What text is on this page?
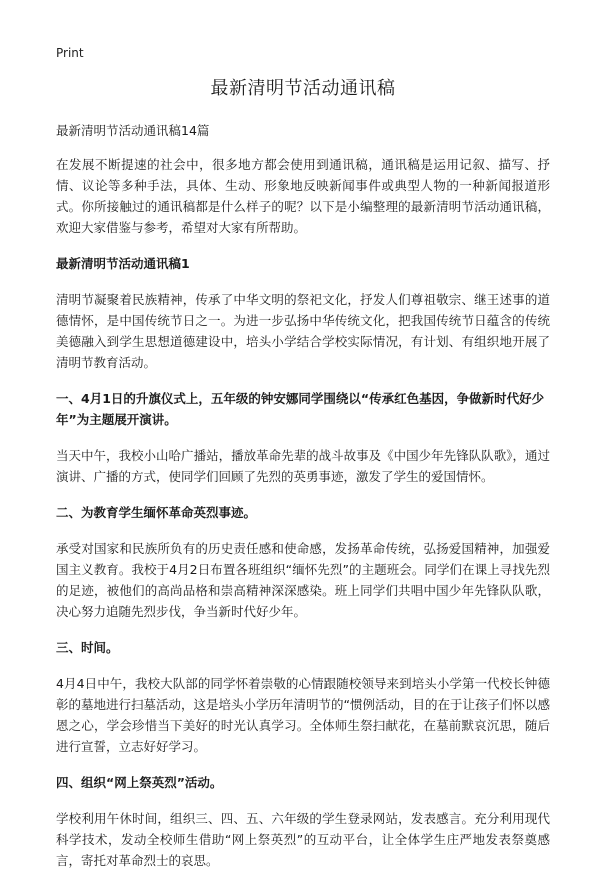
Print
最新清明节活动通讯稿
最新清明节活动通讯稿14篇

在发展不断提速的社会中，很多地方都会使用到通讯稿，通讯稿是运用记叙、描写、抒情、议论等多种手法，具体、生动、形象地反映新闻事件或典型人物的一种新闻报道形式。你所接触过的通讯稿都是什么样子的呢？以下是小编整理的最新清明节活动通讯稿，欢迎大家借鉴与参考，希望对大家有所帮助。

最新清明节活动通讯稿1

清明节凝聚着民族精神，传承了中华文明的祭祀文化，抒发人们尊祖敬宗、继王述事的道德情怀，是中国传统节日之一。为进一步弘扬中华传统文化，把我国传统节日蕴含的传统美德融入到学生思想道德建设中，培头小学结合学校实际情况，有计划、有组织地开展了清明节教育活动。

一、4月1日的升旗仪式上，五年级的钟安娜同学围绕以“传承红色基因，争做新时代好少年”为主题展开演讲。

当天中午，我校小山哈广播站，播放革命先辈的战斗故事及《中国少年先锋队队歌》，通过演讲、广播的方式，使同学们回顾了先烈的英勇事迹，激发了学生的爱国情怀。

二、为教育学生缅怀革命英烈事迹。

承受对国家和民族所负有的历史责任感和使命感，发扬革命传统，弘扬爱国精神，加强爱国主义教育。我校于4月2日布置各班组织“缅怀先烈”的主题班会。同学们在课上寻找先烈的足迹，被他们的高尚品格和崇高精神深深感染。班上同学们共唱中国少年先锋队队歌，决心努力追随先烈步伐，争当新时代好少年。

三、时间。

4月4日中午，我校大队部的同学怀着崇敬的心情跟随校领导来到培头小学第一代校长钟德彰的墓地进行扫墓活动，这是培头小学历年清明节的“惯例活动，目的在于让孩子们怀以感恩之心，学会珍惜当下美好的时光认真学习。全体师生祭扫献花，在墓前默哀沉思，随后进行宣誓，立志好好学习。

四、组织“网上祭英烈”活动。

学校利用午休时间，组织三、四、五、六年级的学生登录网站，发表感言。充分利用现代科学技术，发动全校师生借助“网上祭英烈”的互动平台，让全体学生庄严地发表祭奠感言，寄托对革命烈士的哀思。
